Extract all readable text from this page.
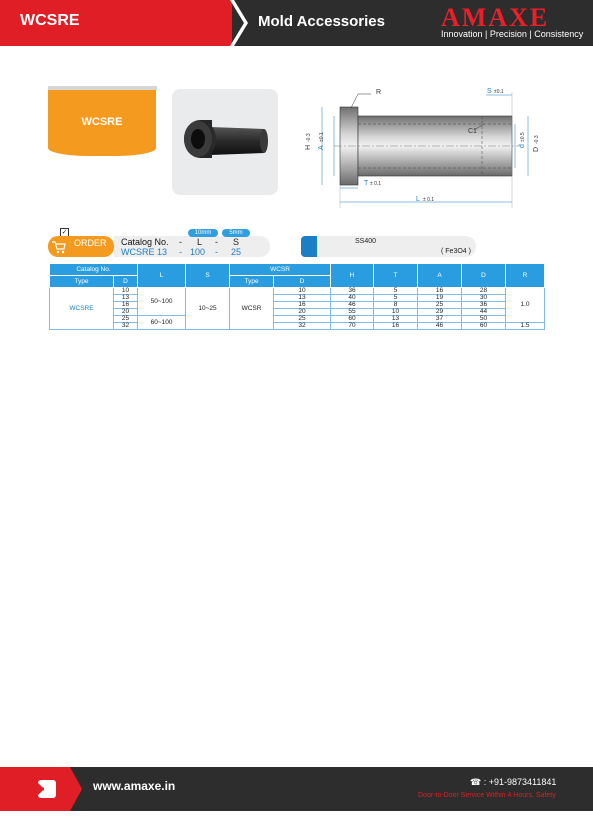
WCSRE	Mold Accessories AMAXE
Innovation | Precision | Consistency
WCSRE
R	S ±0.1
C1
T ± 0.1
L ± 0.1
H
-0.3
A
±0.1
d
±0.5
D
-0.3
✓
ORDER Catalog No.
WCSRE 13
- L - S
- 100 - 25
10mm	5mm
SS400
( Fe3O4 )
Catalog No.		L	S	WCSR		H	T	A	D	R
Type	D			Type	D					
WCSRE	10	50~100	10~25	WCSR	10	36	5	16	28	1.0
	13				13	40	5	19	30	
	16				16	46	8	25	36	
	20				20	55	10	29	44	
	25	60~100			25	60	13	37	50	
	32				32	70	16	46	60	1.5
www.amaxe.in	☎ : +91-9873411841
Door-to-Door Service Within 4 Hours, Safety
